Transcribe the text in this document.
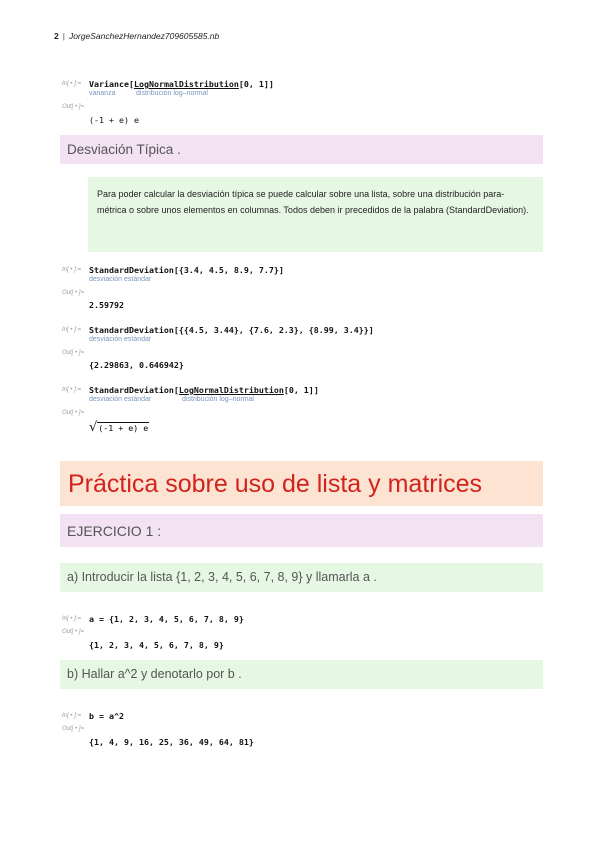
2 | JorgeSanchezHernandez709605585.nb
In[ • ]:= Variance[LogNormalDistribution[0, 1]]
varianza	distribución log–normal
Out[ • ]=
(-1 + e) e
Desviación Típica .

Para poder calcular la desviación típica se puede calcular sobre una lista, sobre una distribución para-métrica o sobre unos elementos en columnas. Todos deben ir precedidos de la palabra (StandardDeviation).

In[ • ]:= StandardDeviation[{3.4, 4.5, 8.9, 7.7}]
desviación estándar
Out[ • ]=
2.59792
In[ • ]:= StandardDeviation[{{4.5, 3.44}, {7.6, 2.3}, {8.99, 3.4}}]
desviación estándar
Out[ • ]=
{2.29863, 0.646942}
In[ • ]:= StandardDeviation[LogNormalDistribution[0, 1]]
desviación estándar	distribución log–normal
Out[ • ]=
√(-1 + e) e
Práctica sobre uso de lista y matrices
EJERCICIO 1 :
a) Introducir la lista {1, 2, 3, 4, 5, 6, 7, 8, 9} y llamarla a .
In[ • ]:= a = {1, 2, 3, 4, 5, 6, 7, 8, 9}
Out[ • ]=
{1, 2, 3, 4, 5, 6, 7, 8, 9}
b) Hallar a^2 y denotarlo por b .
In[ • ]:= b = a^2
Out[ • ]=
{1, 4, 9, 16, 25, 36, 49, 64, 81}
